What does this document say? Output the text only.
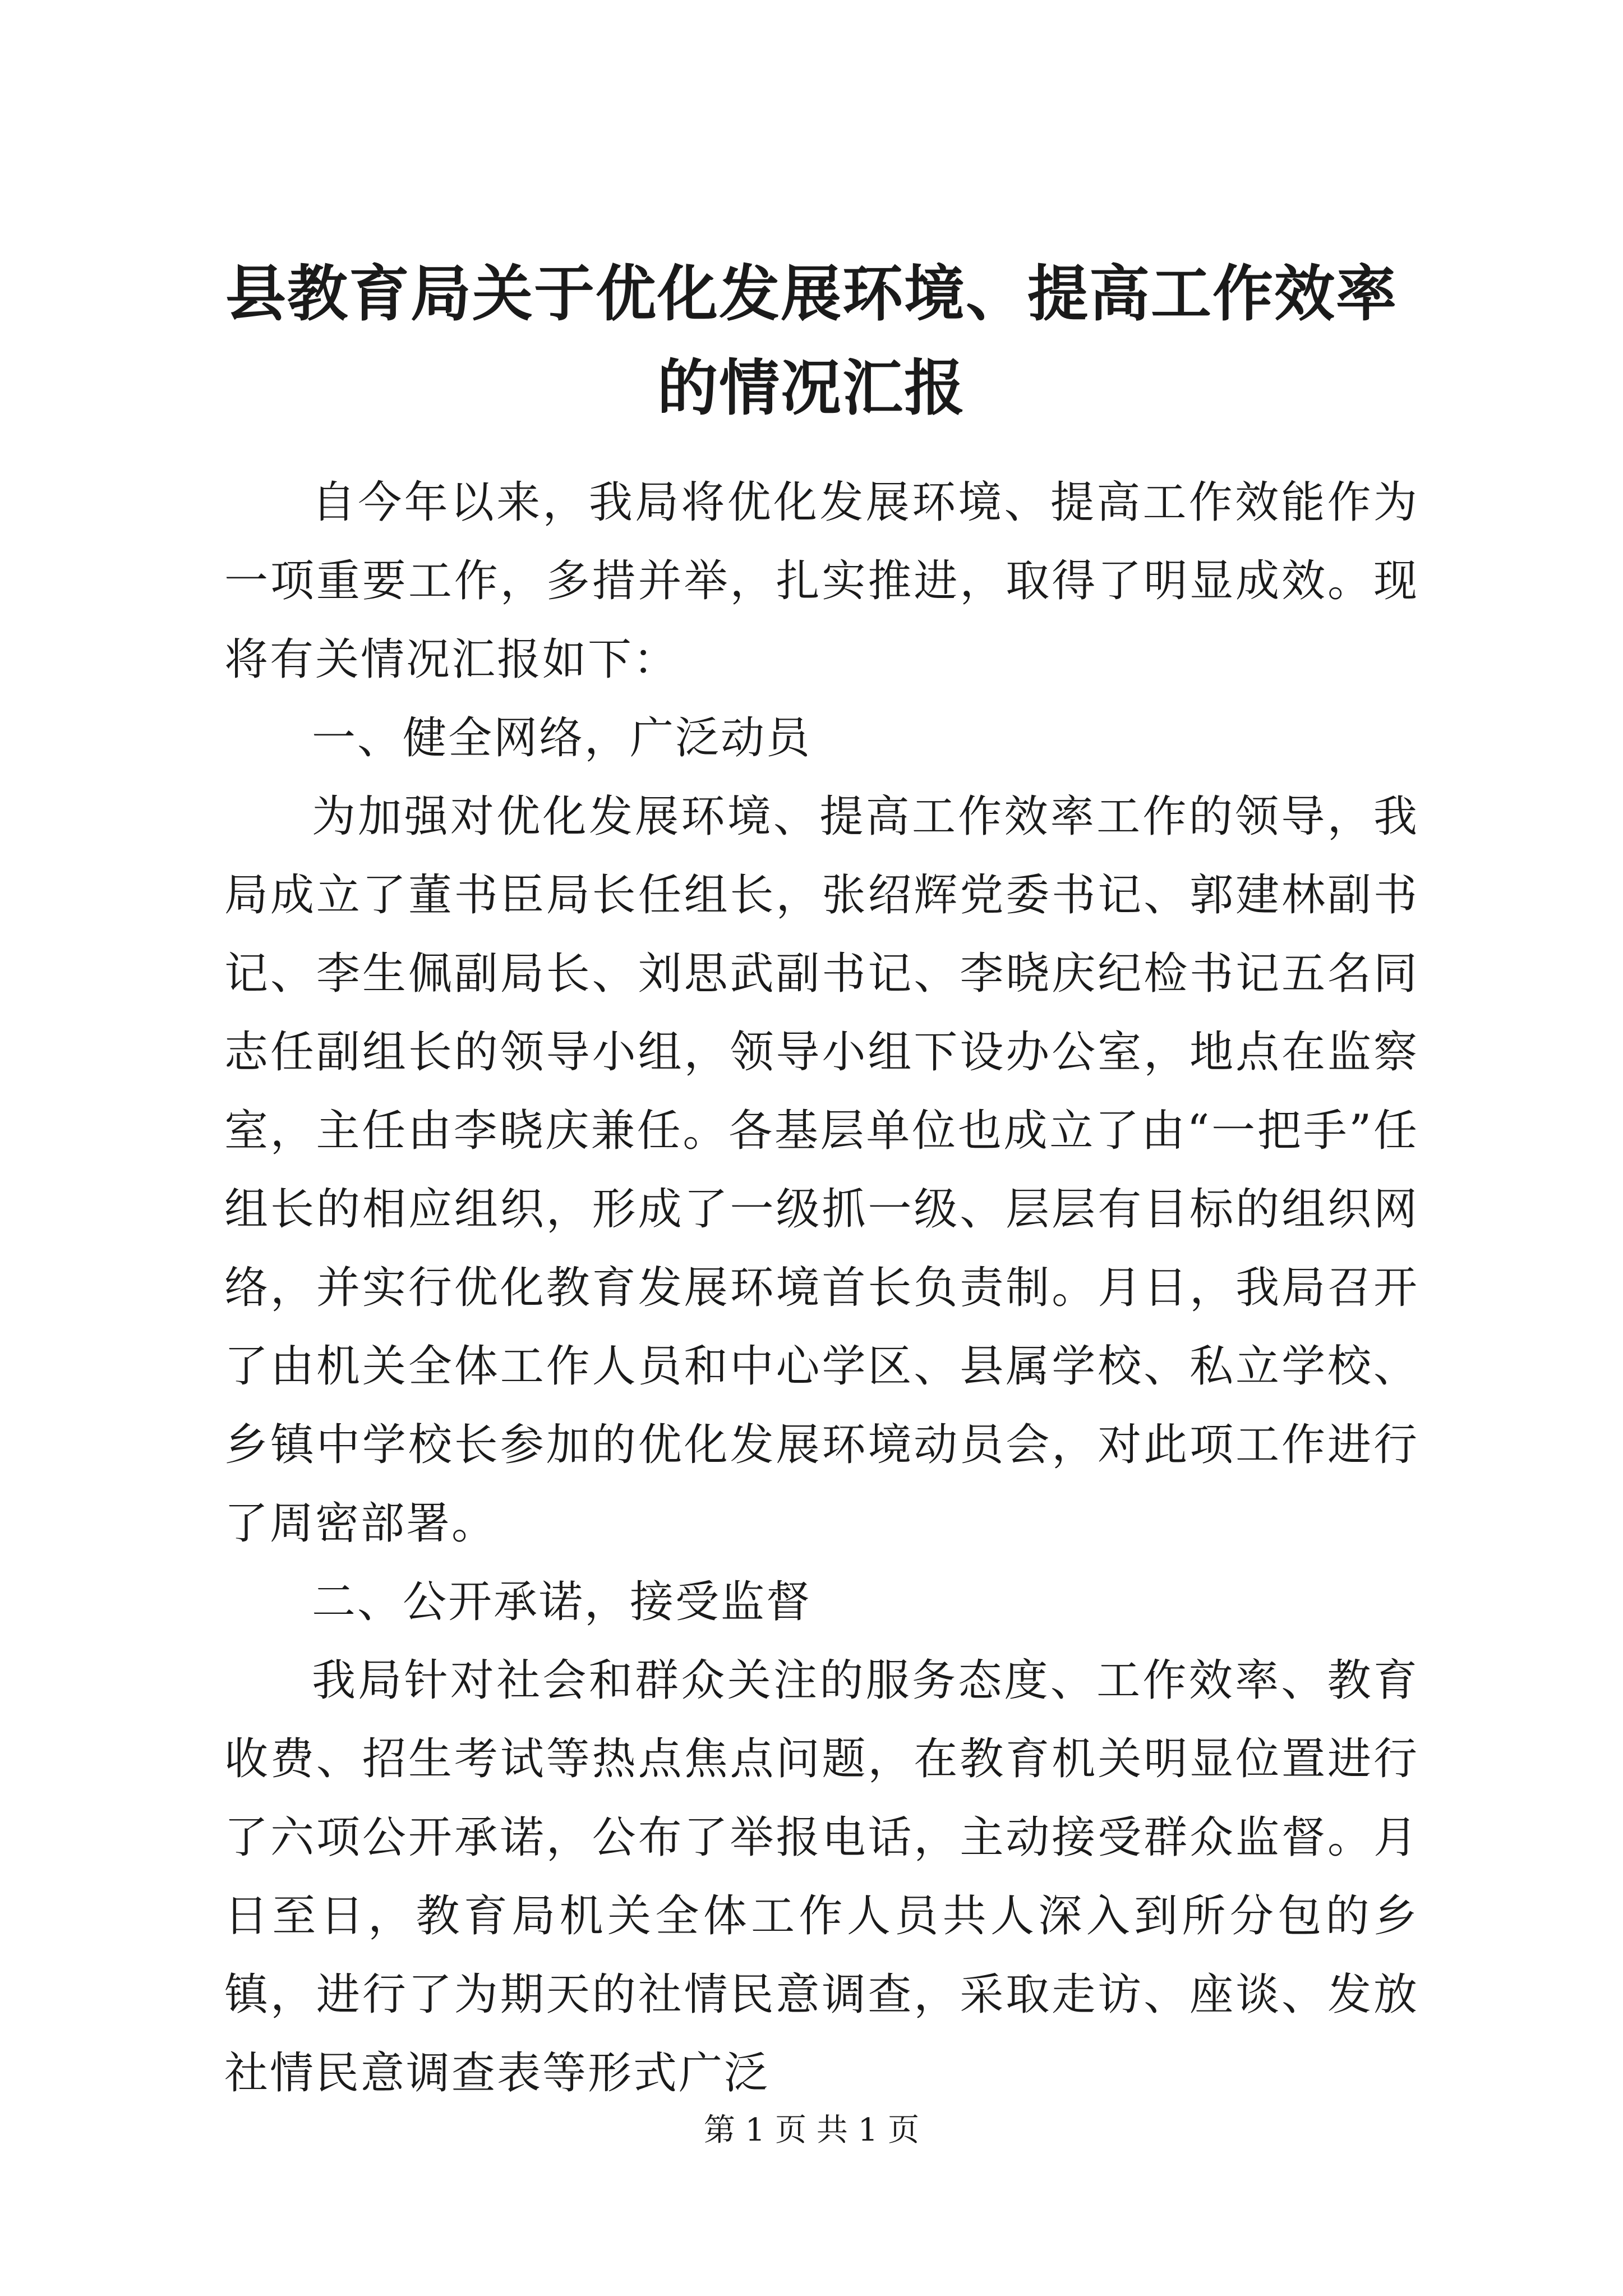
县教育局关于优化发展环境、提高工作效率的情况汇报

自今年以来，我局将优化发展环境、提高工作效能作为一项重要工作，多措并举，扎实推进，取得了明显成效。现将有关情况汇报如下：

一、健全网络，广泛动员

为加强对优化发展环境、提高工作效率工作的领导，我局成立了董书臣局长任组长，张绍辉党委书记、郭建林副书记、李生佩副局长、刘思武副书记、李晓庆纪检书记五名同志任副组长的领导小组，领导小组下设办公室，地点在监察室，主任由李晓庆兼任。各基层单位也成立了由“一把手”任组长的相应组织，形成了一级抓一级、层层有目标的组织网络，并实行优化教育发展环境首长负责制。月日，我局召开了由机关全体工作人员和中心学区、县属学校、私立学校、乡镇中学校长参加的优化发展环境动员会，对此项工作进行了周密部署。

二、公开承诺，接受监督

我局针对社会和群众关注的服务态度、工作效率、教育收费、招生考试等热点焦点问题，在教育机关明显位置进行了六项公开承诺，公布了举报电话，主动接受群众监督。月日至日，教育局机关全体工作人员共人深入到所分包的乡镇，进行了为期天的社情民意调查，采取走访、座谈、发放社情民意调查表等形式广泛

第 1 页 共 1 页
